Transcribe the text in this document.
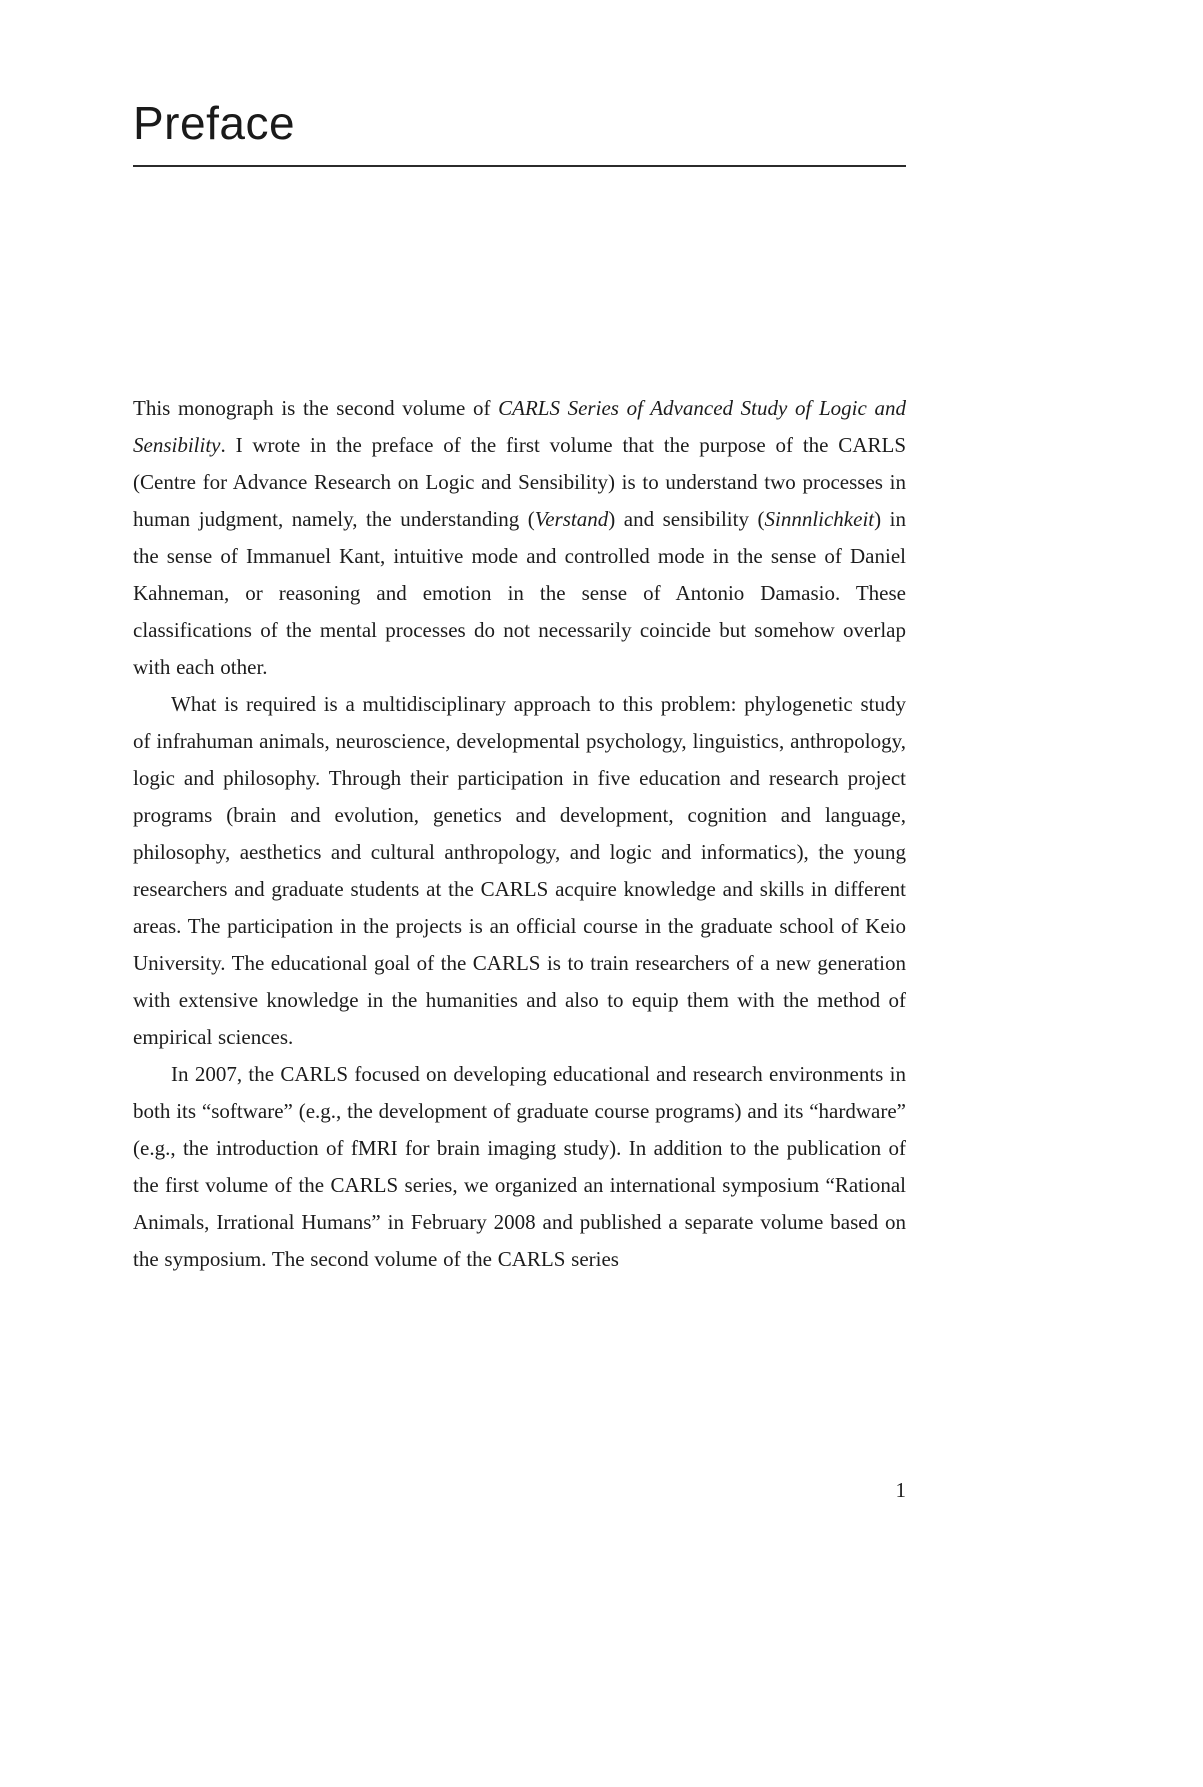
Preface

This monograph is the second volume of CARLS Series of Advanced Study of Logic and Sensibility. I wrote in the preface of the first volume that the purpose of the CARLS (Centre for Advance Research on Logic and Sensibility) is to understand two processes in human judgment, namely, the understanding (Verstand) and sensibility (Sinnnlichkeit) in the sense of Immanuel Kant, intuitive mode and controlled mode in the sense of Daniel Kahneman, or reasoning and emotion in the sense of Antonio Damasio. These classifications of the mental processes do not necessarily coincide but somehow overlap with each other.

What is required is a multidisciplinary approach to this problem: phylogenetic study of infrahuman animals, neuroscience, developmental psychology, linguistics, anthropology, logic and philosophy. Through their participation in five education and research project programs (brain and evolution, genetics and development, cognition and language, philosophy, aesthetics and cultural anthropology, and logic and informatics), the young researchers and graduate students at the CARLS acquire knowledge and skills in different areas. The participation in the projects is an official course in the graduate school of Keio University. The educational goal of the CARLS is to train researchers of a new generation with extensive knowledge in the humanities and also to equip them with the method of empirical sciences.

In 2007, the CARLS focused on developing educational and research environments in both its “software” (e.g., the development of graduate course programs) and its “hardware” (e.g., the introduction of fMRI for brain imaging study). In addition to the publication of the first volume of the CARLS series, we organized an international symposium “Rational Animals, Irrational Humans” in February 2008 and published a separate volume based on the symposium. The second volume of the CARLS series

1
